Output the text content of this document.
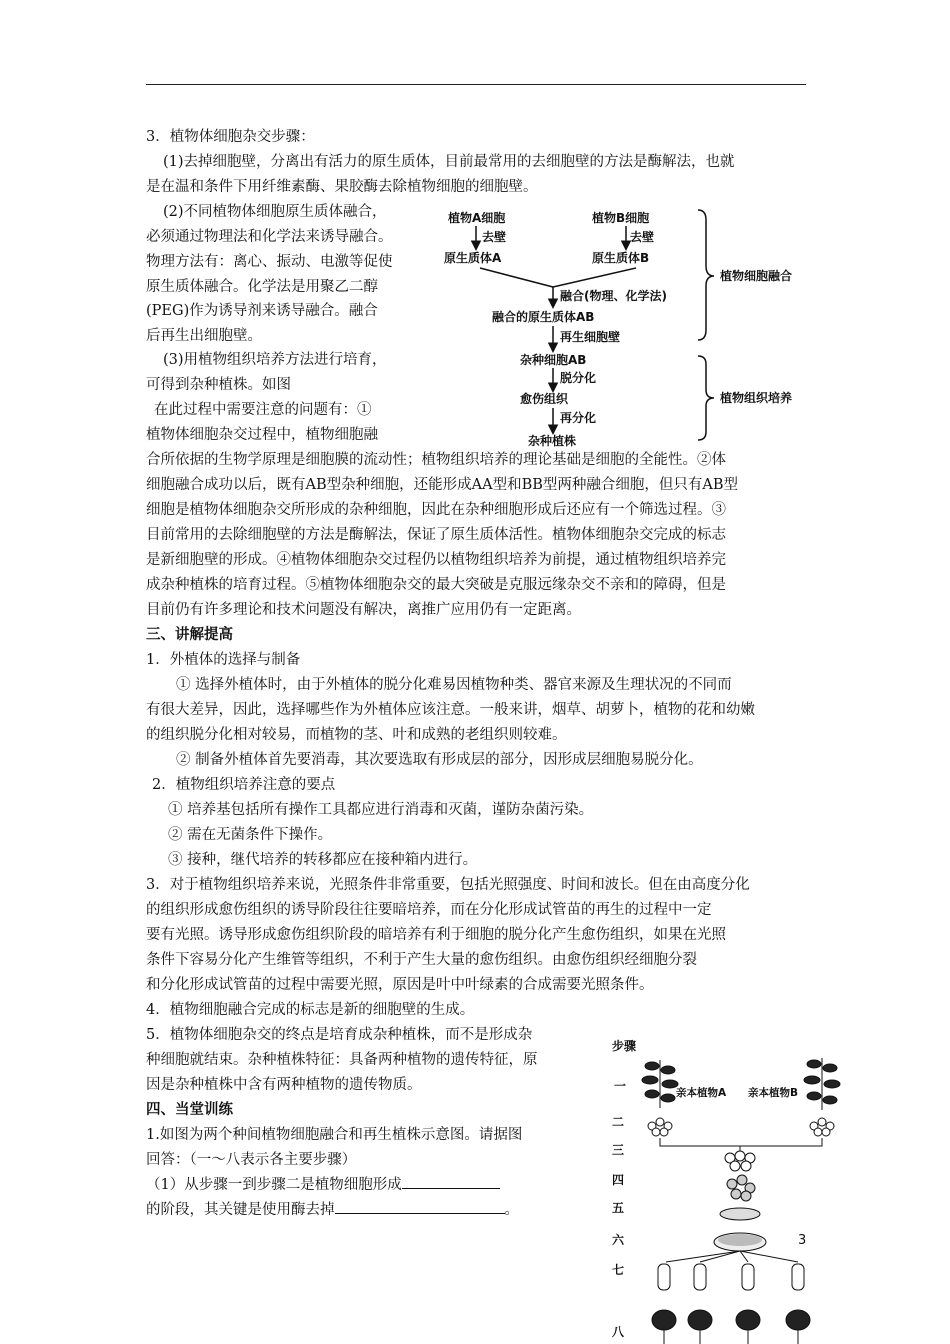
3．植物体细胞杂交步骤：
(1)去掉细胞壁，分离出有活力的原生质体，目前最常用的去细胞壁的方法是酶解法，也就
是在温和条件下用纤维素酶、果胶酶去除植物细胞的细胞壁。
(2)不同植物体细胞原生质体融合，
必须通过物理法和化学法来诱导融合。
物理方法有：离心、振动、电激等促使
原生质体融合。化学法是用聚乙二醇
(PEG)作为诱导剂来诱导融合。融合
后再生出细胞壁。
(3)用植物组织培养方法进行培育，
可得到杂种植株。如图
在此过程中需要注意的问题有：①
植物体细胞杂交过程中，植物细胞融
植物A细胞	植物B细胞
去壁	去壁
原生质体A	原生质体B
融合(物理、化学法)
融合的原生质体AB
再生细胞壁
杂种细胞AB
脱分化
愈伤组织
再分化
杂种植株
植物细胞融合
植物组织培养
合所依据的生物学原理是细胞膜的流动性；植物组织培养的理论基础是细胞的全能性。②体
细胞融合成功以后，既有AB型杂种细胞，还能形成AA型和BB型两种融合细胞，但只有AB型
细胞是植物体细胞杂交所形成的杂种细胞，因此在杂种细胞形成后还应有一个筛选过程。③
目前常用的去除细胞壁的方法是酶解法，保证了原生质体活性。植物体细胞杂交完成的标志
是新细胞壁的形成。④植物体细胞杂交过程仍以植物组织培养为前提，通过植物组织培养完
成杂种植株的培育过程。⑤植物体细胞杂交的最大突破是克服远缘杂交不亲和的障碍，但是
目前仍有许多理论和技术问题没有解决，离推广应用仍有一定距离。
三、讲解提高
1．外植体的选择与制备
① 选择外植体时，由于外植体的脱分化难易因植物种类、器官来源及生理状况的不同而
有很大差异，因此，选择哪些作为外植体应该注意。一般来讲，烟草、胡萝卜，植物的花和幼嫩
的组织脱分化相对较易，而植物的茎、叶和成熟的老组织则较难。
② 制备外植体首先要消毒，其次要选取有形成层的部分，因形成层细胞易脱分化。
2．植物组织培养注意的要点
① 培养基包括所有操作工具都应进行消毒和灭菌，谨防杂菌污染。
② 需在无菌条件下操作。
③ 接种，继代培养的转移都应在接种箱内进行。
3．对于植物组织培养来说，光照条件非常重要，包括光照强度、时间和波长。但在由高度分化
的组织形成愈伤组织的诱导阶段往往要暗培养，而在分化形成试管苗的再生的过程中一定
要有光照。诱导形成愈伤组织阶段的暗培养有利于细胞的脱分化产生愈伤组织，如果在光照
条件下容易分化产生维管等组织，不利于产生大量的愈伤组织。由愈伤组织经细胞分裂
和分化形成试管苗的过程中需要光照，原因是叶中叶绿素的合成需要光照条件。
4．植物细胞融合完成的标志是新的细胞壁的生成。
5．植物体细胞杂交的终点是培育成杂种植株，而不是形成杂
种细胞就结束。杂种植株特征：具备两种植物的遗传特征，原
因是杂种植株中含有两种植物的遗传物质。
四、当堂训练
1.如图为两个种间植物细胞融合和再生植株示意图。请据图
回答：（一～八表示各主要步骤）
（1）从步骤一到步骤二是植物细胞形成
的阶段，其关键是使用酶去掉	。
步骤
一
二
三
四
五
六
七
八
亲本植物A 亲本植物B
3
